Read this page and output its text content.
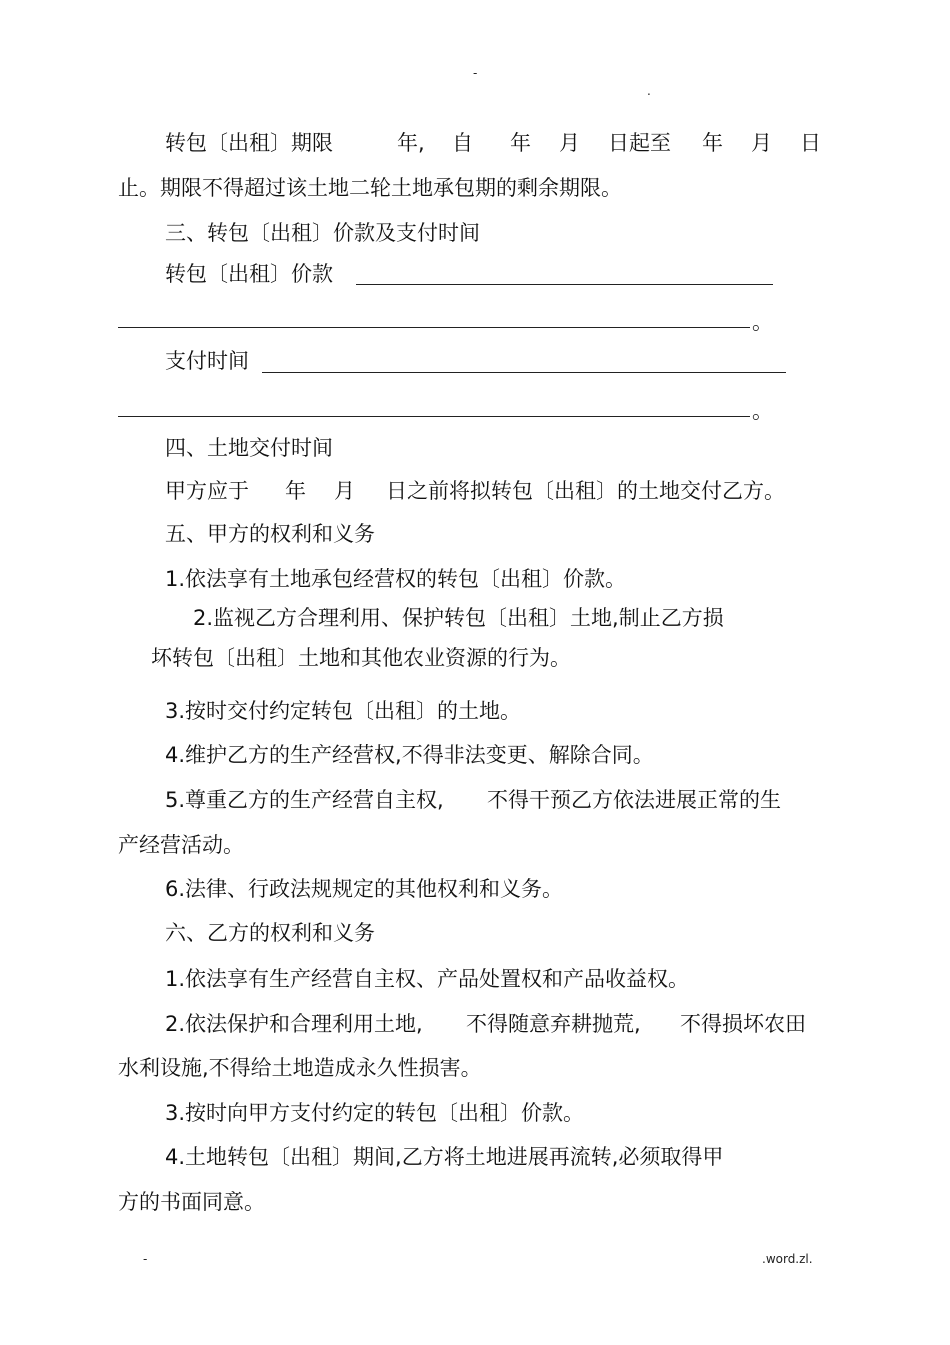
-
.
转包〔出租〕期限	年, 自 年 月 日起至 年 月 日
止。期限不得超过该土地二轮土地承包期的剩余期限。
三、转包〔出租〕价款及支付时间
转包〔出租〕价款
。
支付时间
。
四、土地交付时间
甲方应于 年 月 日之前将拟转包〔出租〕的土地交付乙方。
五、甲方的权利和义务
1.依法享有土地承包经营权的转包〔出租〕价款。
2.监视乙方合理利用、保护转包〔出租〕土地,制止乙方损
坏转包〔出租〕土地和其他农业资源的行为。
3.按时交付约定转包〔出租〕的土地。
4.维护乙方的生产经营权,不得非法变更、解除合同。
5.尊重乙方的生产经营自主权, 不得干预乙方依法进展正常的生
产经营活动。
6.法律、行政法规规定的其他权利和义务。
六、乙方的权利和义务
1.依法享有生产经营自主权、产品处置权和产品收益权。
2.依法保护和合理利用土地, 不得随意弃耕抛荒, 不得损坏农田
水利设施,不得给土地造成永久性损害。
3.按时向甲方支付约定的转包〔出租〕价款。
4.土地转包〔出租〕期间,乙方将土地进展再流转,必须取得甲
方的书面同意。
-	.word.zl.
